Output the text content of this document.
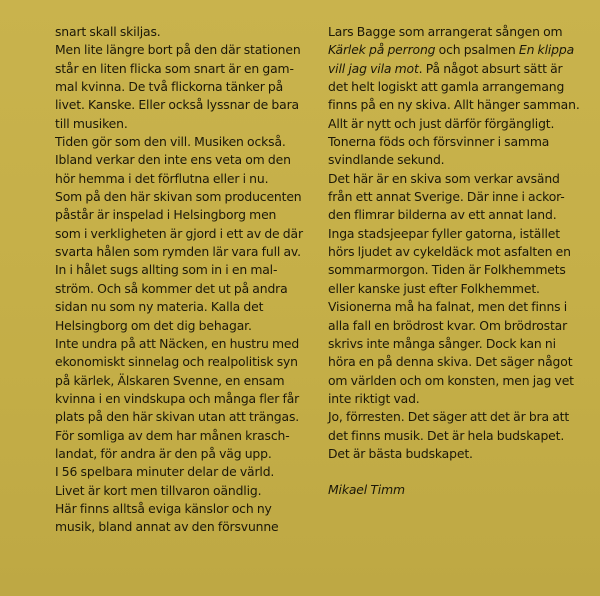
snart skall skiljas.
Men lite längre bort på den där stationen
står en liten flicka som snart är en gam-
mal kvinna. De två flickorna tänker på
livet. Kanske. Eller också lyssnar de bara
till musiken.
Tiden gör som den vill. Musiken också.
Ibland verkar den inte ens veta om den
hör hemma i det förflutna eller i nu.
Som på den här skivan som producenten
påstår är inspelad i Helsingborg men
som i verkligheten är gjord i ett av de där
svarta hålen som rymden lär vara full av.
In i hålet sugs allting som in i en mal-
ström. Och så kommer det ut på andra
sidan nu som ny materia. Kalla det
Helsingborg om det dig behagar.
Inte undra på att Näcken, en hustru med
ekonomiskt sinnelag och realpolitisk syn
på kärlek, Älskaren Svenne, en ensam
kvinna i en vindskupa och många fler får
plats på den här skivan utan att trängas.
För somliga av dem har månen krasch-
landat, för andra är den på väg upp.
I 56 spelbara minuter delar de värld.
Livet är kort men tillvaron oändlig.
Här finns alltså eviga känslor och ny
musik, bland annat av den försvunne
Lars Bagge som arrangerat sången om
Kärlek på perrong och psalmen En klippa
vill jag vila mot. På något absurt sätt är
det helt logiskt att gamla arrangemang
finns på en ny skiva. Allt hänger samman.
Allt är nytt och just därför förgängligt.
Tonerna föds och försvinner i samma
svindlande sekund.
Det här är en skiva som verkar avsänd
från ett annat Sverige. Där inne i ackor-
den flimrar bilderna av ett annat land.
Inga stadsjeepar fyller gatorna, istället
hörs ljudet av cykeldäck mot asfalten en
sommarmorgon. Tiden är Folkhemmets
eller kanske just efter Folkhemmet.
Visionerna må ha falnat, men det finns i
alla fall en brödrost kvar. Om brödrostar
skrivs inte många sånger. Dock kan ni
höra en på denna skiva. Det säger något
om världen och om konsten, men jag vet
inte riktigt vad.
Jo, förresten. Det säger att det är bra att
det finns musik. Det är hela budskapet.
Det är bästa budskapet.
Mikael Timm
